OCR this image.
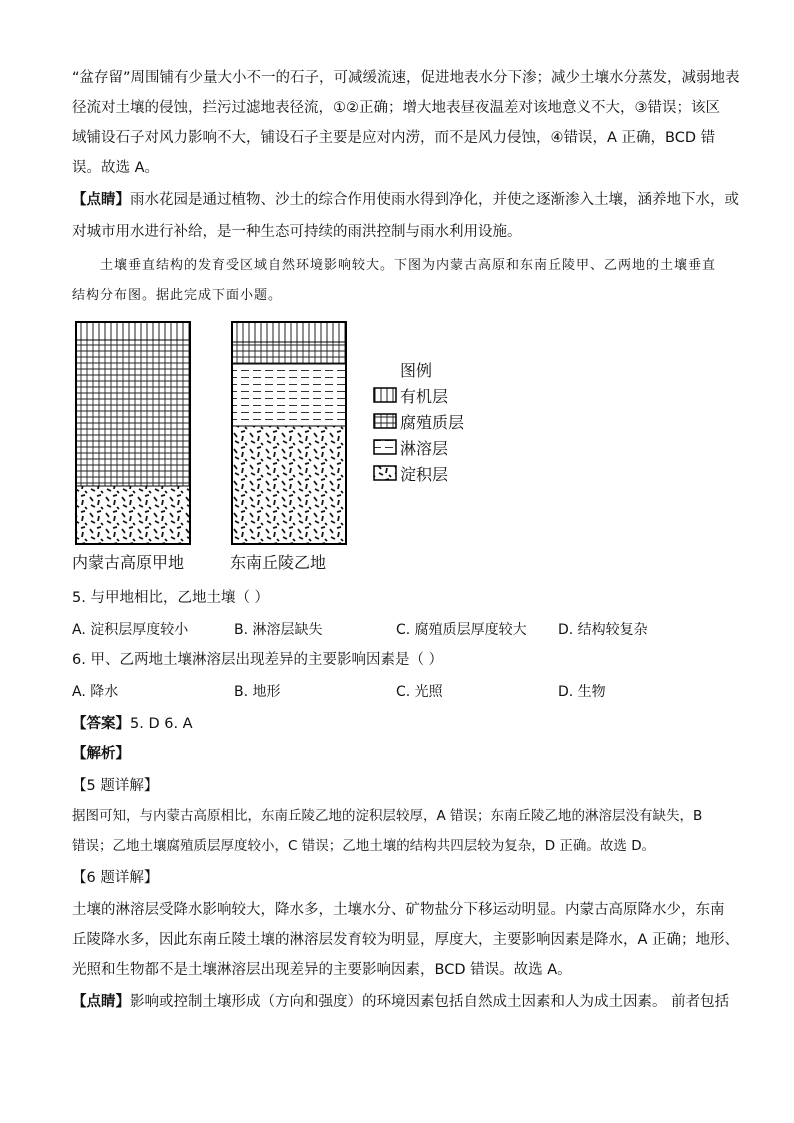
“盆存留”周围铺有少量大小不一的石子，可减缓流速，促进地表水分下渗；减少土壤水分蒸发，减弱地表
径流对土壤的侵蚀，拦污过滤地表径流，①②正确；增大地表昼夜温差对该地意义不大，③错误；该区
域铺设石子对风力影响不大，铺设石子主要是应对内涝，而不是风力侵蚀，④错误，A 正确，BCD 错
误。故选 A。
【点睛】雨水花园是通过植物、沙土的综合作用使雨水得到净化，并使之逐渐渗入土壤，涵养地下水，或
对城市用水进行补给，是一种生态可持续的雨洪控制与雨水利用设施。
土壤垂直结构的发育受区域自然环境影响较大。下图为内蒙古高原和东南丘陵甲、乙两地的土壤垂直
结构分布图。据此完成下面小题。
图例
有机层
腐殖质层
淋溶层
淀积层
内蒙古高原甲地	东南丘陵乙地
5. 与甲地相比，乙地土壤（ ）
A. 淀积层厚度较小	B. 淋溶层缺失	C. 腐殖质层厚度较大 D. 结构较复杂
6. 甲、乙两地土壤淋溶层出现差异的主要影响因素是（ ）
A. 降水	B. 地形	C. 光照	D. 生物
【答案】5. D 6. A
【解析】
【5 题详解】
据图可知，与内蒙古高原相比，东南丘陵乙地的淀积层较厚，A 错误；东南丘陵乙地的淋溶层没有缺失，B
错误；乙地土壤腐殖质层厚度较小，C 错误；乙地土壤的结构共四层较为复杂，D 正确。故选 D。
【6 题详解】
土壤的淋溶层受降水影响较大，降水多，土壤水分、矿物盐分下移运动明显。内蒙古高原降水少，东南
丘陵降水多，因此东南丘陵土壤的淋溶层发育较为明显，厚度大，主要影响因素是降水，A 正确；地形、
光照和生物都不是土壤淋溶层出现差异的主要影响因素，BCD 错误。故选 A。
【点睛】影响或控制土壤形成（方向和强度）的环境因素包括自然成土因素和人为成土因素。 前者包括
